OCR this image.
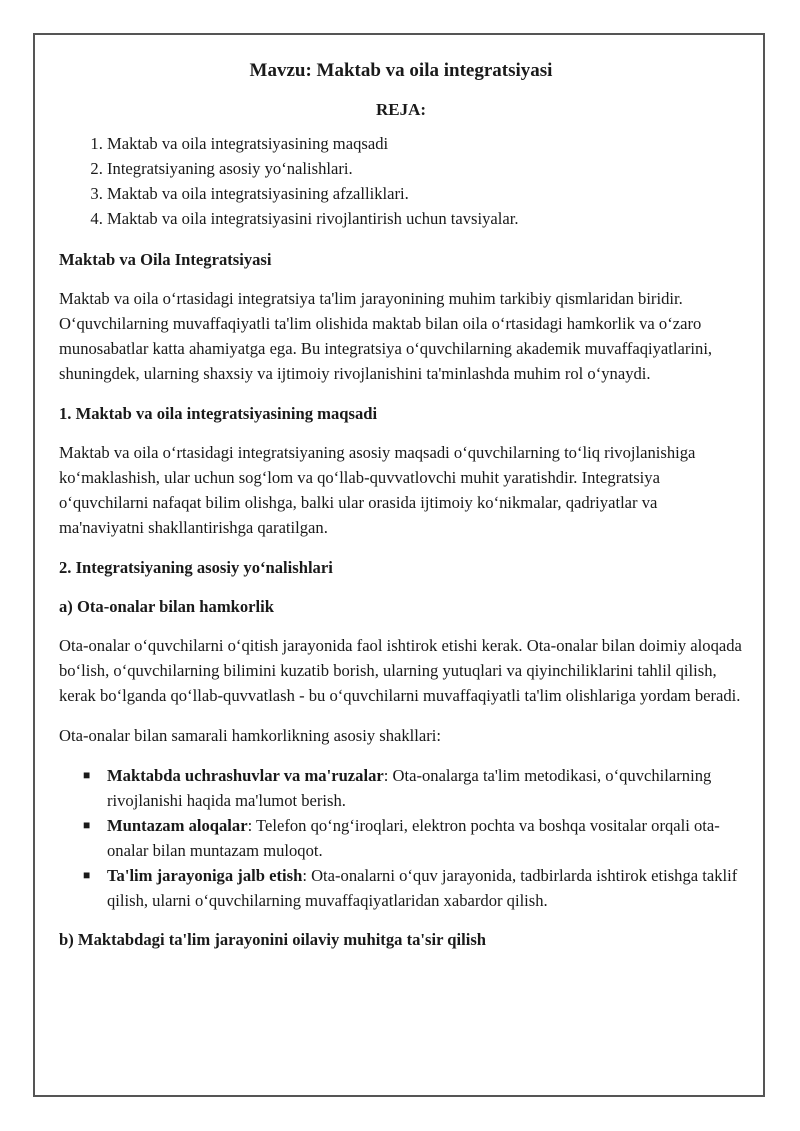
Mavzu: Maktab va oila integratsiyasi
REJA:
1. Maktab va oila integratsiyasining maqsadi
2. Integratsiyaning asosiy yo‘nalishlari.
3. Maktab va oila integratsiyasining afzalliklari.
4. Maktab va oila integratsiyasini rivojlantirish uchun tavsiyalar.
Maktab va Oila Integratsiyasi

Maktab va oila o‘rtasidagi integratsiya ta'lim jarayonining muhim tarkibiy qismlaridan biridir. O‘quvchilarning muvaffaqiyatli ta'lim olishida maktab bilan oila o‘rtasidagi hamkorlik va o‘zaro munosabatlar katta ahamiyatga ega. Bu integratsiya o‘quvchilarning akademik muvaffaqiyatlarini, shuningdek, ularning shaxsiy va ijtimoiy rivojlanishini ta'minlashda muhim rol o‘ynaydi.

1. Maktab va oila integratsiyasining maqsadi

Maktab va oila o‘rtasidagi integratsiyaning asosiy maqsadi o‘quvchilarning to‘liq rivojlanishiga ko‘maklashish, ular uchun sog‘lom va qo‘llab-quvvatlovchi muhit yaratishdir. Integratsiya o‘quvchilarni nafaqat bilim olishga, balki ular orasida ijtimoiy ko‘nikmalar, qadriyatlar va ma'naviyatni shakllantirishga qaratilgan.

2. Integratsiyaning asosiy yo‘nalishlari
a) Ota-onalar bilan hamkorlik

Ota-onalar o‘quvchilarni o‘qitish jarayonida faol ishtirok etishi kerak. Ota-onalar bilan doimiy aloqada bo‘lish, o‘quvchilarning bilimini kuzatib borish, ularning yutuqlari va qiyinchiliklarini tahlil qilish, kerak bo‘lganda qo‘llab-quvvatlash - bu o‘quvchilarni muvaffaqiyatli ta'lim olishlariga yordam beradi.

Ota-onalar bilan samarali hamkorlikning asosiy shakllari:

■ Maktabda uchrashuvlar va ma'ruzalar: Ota-onalarga ta'lim metodikasi, o‘quvchilarning rivojlanishi haqida ma'lumot berish.
■ Muntazam aloqalar: Telefon qo‘ng‘iroqlari, elektron pochta va boshqa vositalar orqali ota-onalar bilan muntazam muloqot.
■ Ta'lim jarayoniga jalb etish: Ota-onalarni o‘quv jarayonida, tadbirlarda ishtirok etishga taklif qilish, ularni o‘quvchilarning muvaffaqiyatlaridan xabardor qilish.
b) Maktabdagi ta'lim jarayonini oilaviy muhitga ta'sir qilish
